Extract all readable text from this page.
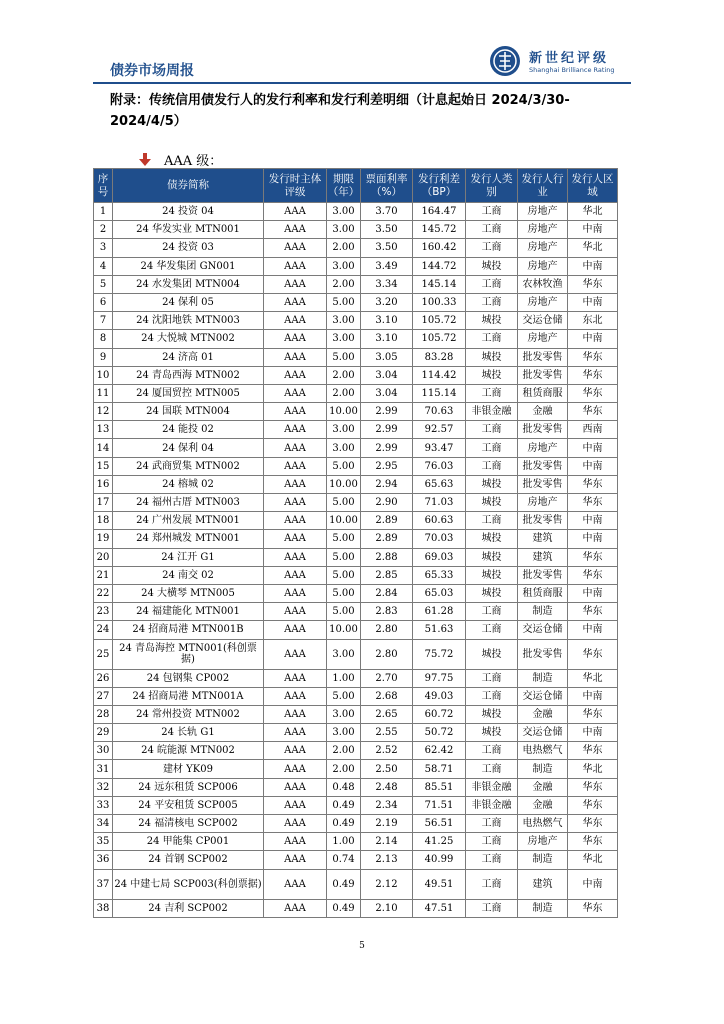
债券市场周报
新世纪评级
Shanghai Brilliance Rating
附录：传统信用债发行人的发行利率和发行利差明细（计息起始日 2024/3/30-2024/4/5）
AAA 级：
序号	债券简称	发行时主体评级	期限（年）	票面利率（%）	发行利差（BP）	发行人类别	发行人行业	发行人区域
1	24 投资 04	AAA	3.00	3.70	164.47	工商	房地产	华北
2	24 华发实业 MTN001	AAA	3.00	3.50	145.72	工商	房地产	中南
3	24 投资 03	AAA	2.00	3.50	160.42	工商	房地产	华北
4	24 华发集团 GN001	AAA	3.00	3.49	144.72	城投	房地产	中南
5	24 水发集团 MTN004	AAA	2.00	3.34	145.14	工商	农林牧渔	华东
6	24 保利 05	AAA	5.00	3.20	100.33	工商	房地产	中南
7	24 沈阳地铁 MTN003	AAA	3.00	3.10	105.72	城投	交运仓储	东北
8	24 大悦城 MTN002	AAA	3.00	3.10	105.72	工商	房地产	中南
9	24 济高 01	AAA	5.00	3.05	83.28	城投	批发零售	华东
10	24 青岛西海 MTN002	AAA	2.00	3.04	114.42	城投	批发零售	华东
11	24 厦国贸控 MTN005	AAA	2.00	3.04	115.14	工商	租赁商服	华东
12	24 国联 MTN004	AAA	10.00	2.99	70.63	非银金融	金融	华东
13	24 能投 02	AAA	3.00	2.99	92.57	工商	批发零售	西南
14	24 保利 04	AAA	3.00	2.99	93.47	工商	房地产	中南
15	24 武商贸集 MTN002	AAA	5.00	2.95	76.03	工商	批发零售	中南
16	24 榕城 02	AAA	10.00	2.94	65.63	城投	批发零售	华东
17	24 福州古厝 MTN003	AAA	5.00	2.90	71.03	城投	房地产	华东
18	24 广州发展 MTN001	AAA	10.00	2.89	60.63	工商	批发零售	中南
19	24 郑州城发 MTN001	AAA	5.00	2.89	70.03	城投	建筑	中南
20	24 江开 G1	AAA	5.00	2.88	69.03	城投	建筑	华东
21	24 南交 02	AAA	5.00	2.85	65.33	城投	批发零售	华东
22	24 大横琴 MTN005	AAA	5.00	2.84	65.03	城投	租赁商服	中南
23	24 福建能化 MTN001	AAA	5.00	2.83	61.28	工商	制造	华东
24	24 招商局港 MTN001B	AAA	10.00	2.80	51.63	工商	交运仓储	中南
25	24 青岛海控 MTN001(科创票据)	AAA	3.00	2.80	75.72	城投	批发零售	华东
26	24 包钢集 CP002	AAA	1.00	2.70	97.75	工商	制造	华北
27	24 招商局港 MTN001A	AAA	5.00	2.68	49.03	工商	交运仓储	中南
28	24 常州投资 MTN002	AAA	3.00	2.65	60.72	城投	金融	华东
29	24 长轨 G1	AAA	3.00	2.55	50.72	城投	交运仓储	中南
30	24 皖能源 MTN002	AAA	2.00	2.52	62.42	工商	电热燃气	华东
31	建材 YK09	AAA	2.00	2.50	58.71	工商	制造	华北
32	24 远东租赁 SCP006	AAA	0.48	2.48	85.51	非银金融	金融	华东
33	24 平安租赁 SCP005	AAA	0.49	2.34	71.51	非银金融	金融	华东
34	24 福清核电 SCP002	AAA	0.49	2.19	56.51	工商	电热燃气	华东
35	24 甲能集 CP001	AAA	1.00	2.14	41.25	工商	房地产	华东
36	24 首钢 SCP002	AAA	0.74	2.13	40.99	工商	制造	华北
37	24 中建七局 SCP003(科创票据)	AAA	0.49	2.12	49.51	工商	建筑	中南
38	24 吉利 SCP002	AAA	0.49	2.10	47.51	工商	制造	华东
5
